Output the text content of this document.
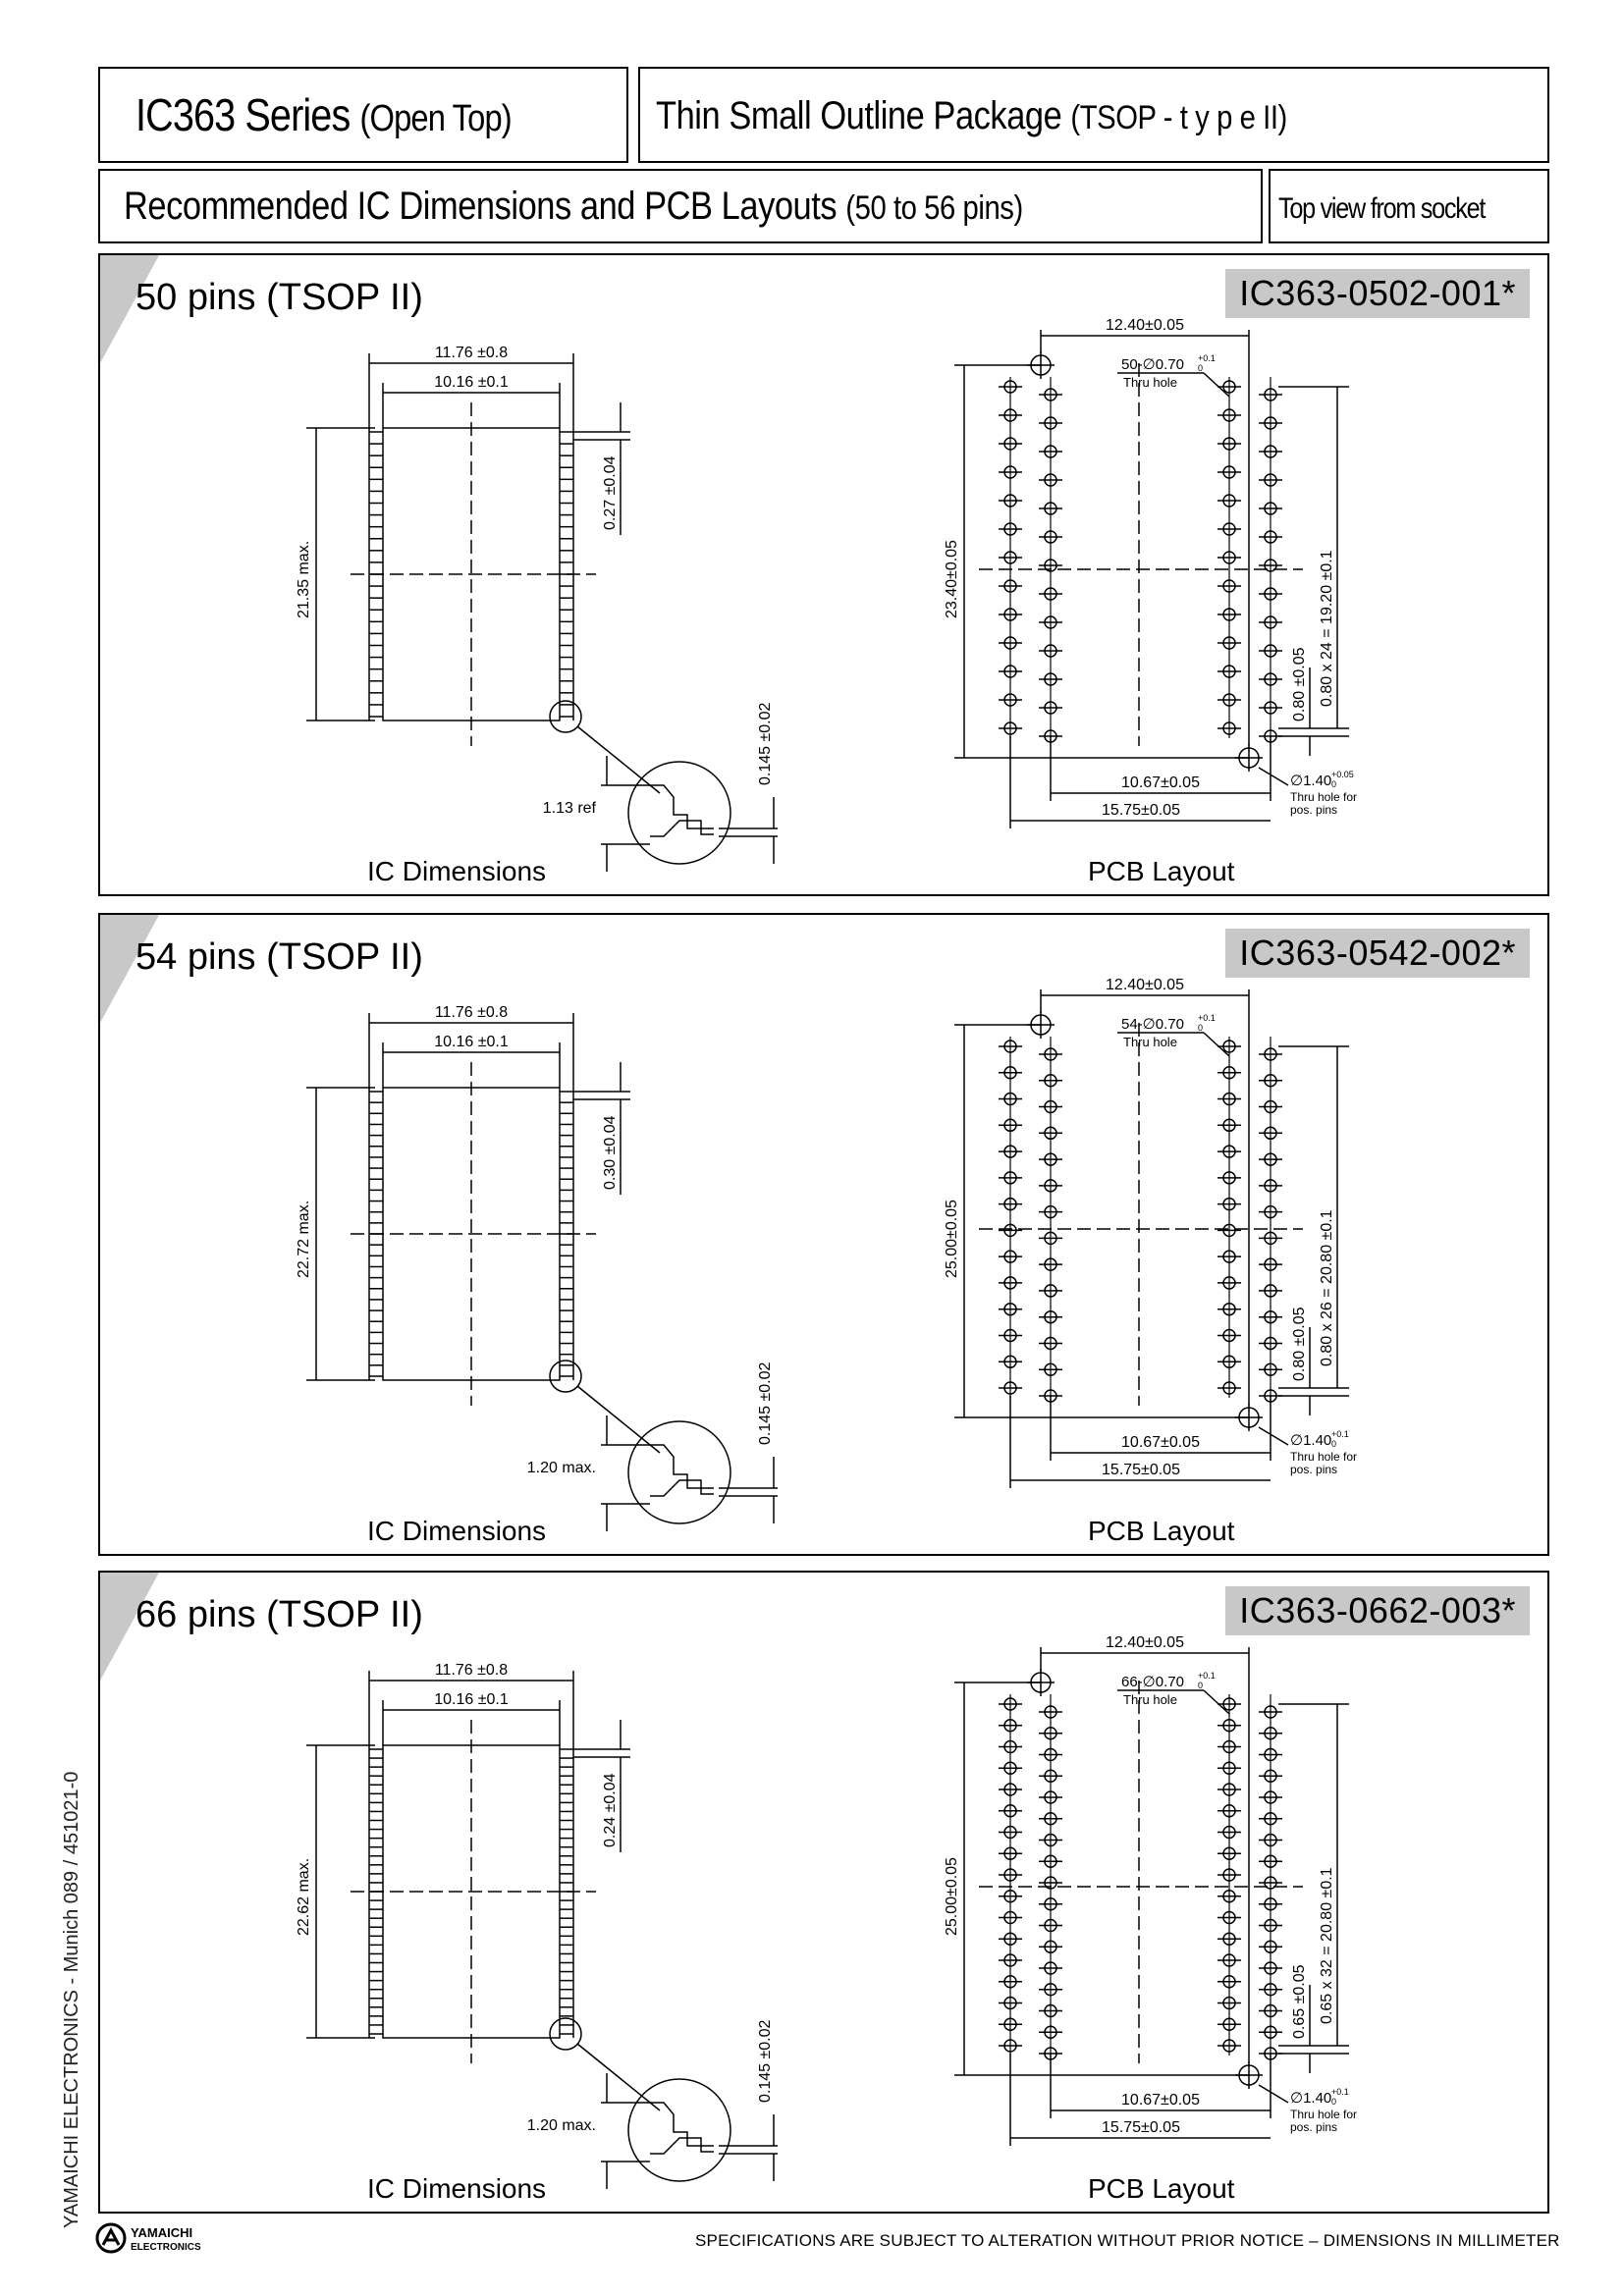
IC363 Series (Open Top)	Thin Small Outline Package (TSOP - t y p e II)
Recommended IC Dimensions and PCB Layouts (50 to 56 pins)	Top view from socket
50 pins (TSOP II)	IC363-0502-001*
IC Dimensions	PCB Layout
11.76 ±0.8
10.16 ±0.1
21.35 max.
0.27 ±0.04
1.13 ref
0.145 ±0.02
12.40±0.05
50-∅0.70 +0.1
0
Thru hole
23.40±0.05	0.80 x 24 = 19.20 ±0.1
0.80 ±0.05
10.67±0.05
15.75±0.05
∅1.40 +0.05
0
Thru hole for
pos. pins
54 pins (TSOP II)	IC363-0542-002*
IC Dimensions	PCB Layout
11.76 ±0.8
10.16 ±0.1
22.72 max.
0.30 ±0.04
1.20 max.
0.145 ±0.02
12.40±0.05
54-∅0.70 +0.1
0
Thru hole
25.00±0.05	0.80 x 26 = 20.80 ±0.1
0.80 ±0.05
10.67±0.05
15.75±0.05
∅1.40 +0.1
0
Thru hole for
pos. pins
66 pins (TSOP II)	IC363-0662-003*
IC Dimensions	PCB Layout
11.76 ±0.8
10.16 ±0.1
22.62 max.
0.24 ±0.04
1.20 max.
0.145 ±0.02
12.40±0.05
66-∅0.70 +0.1
0
Thru hole
25.00±0.05	0.65 x 32 = 20.80 ±0.1
0.65 ±0.05
10.67±0.05
15.75±0.05
∅1.40 +0.1
0
Thru hole for
pos. pins
YAMAICHI ELECTRONICS - Munich 089 / 451021-0
YAMAICHI
ELECTRONICS	SPECIFICATIONS ARE SUBJECT TO ALTERATION WITHOUT PRIOR NOTICE – DIMENSIONS IN MILLIMETER
